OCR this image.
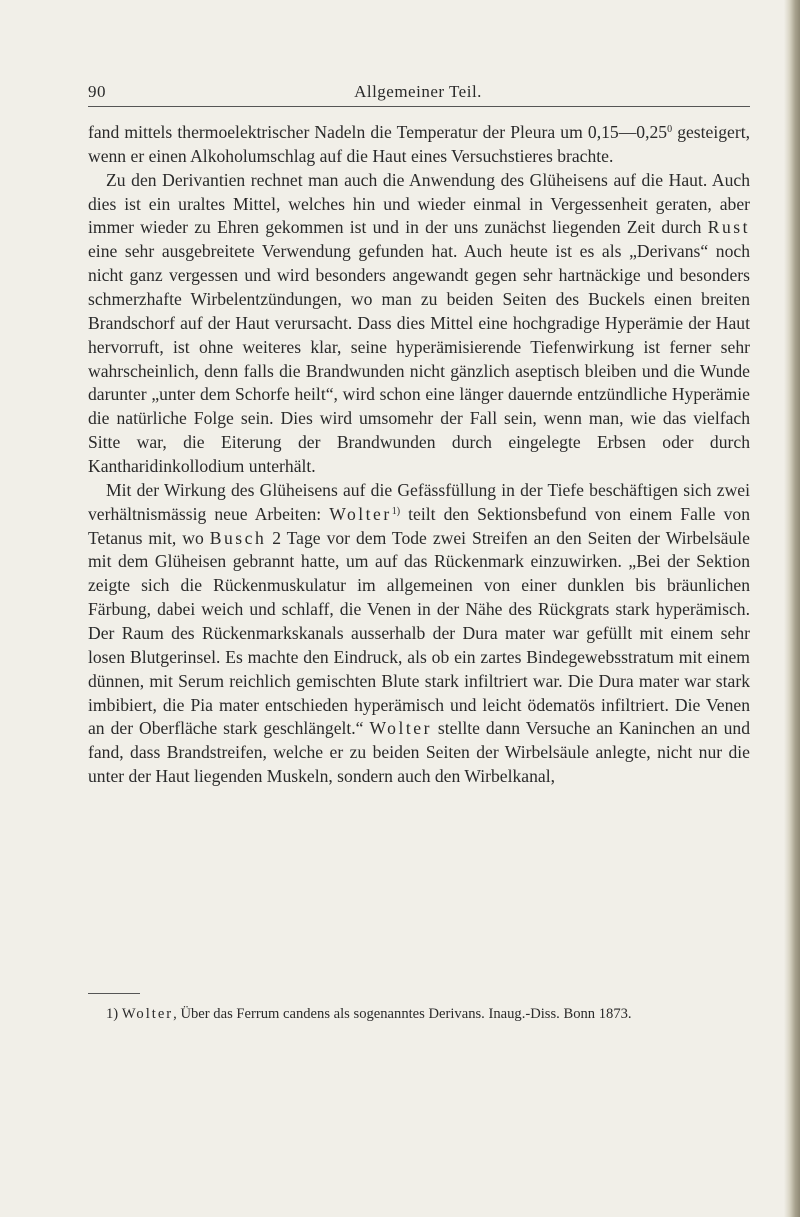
90	Allgemeiner Teil.

fand mittels thermoelektrischer Nadeln die Temperatur der Pleura um 0,15—0,25$^0$ gesteigert, wenn er einen Alkoholumschlag auf die Haut eines Versuchstieres brachte.

Zu den Derivantien rechnet man auch die Anwendung des Glüheisens auf die Haut. Auch dies ist ein uraltes Mittel, welches hin und wieder einmal in Vergessenheit geraten, aber immer wieder zu Ehren gekommen ist und in der uns zunächst liegenden Zeit durch Rust eine sehr ausgebreitete Verwendung gefunden hat. Auch heute ist es als „Derivans“ noch nicht ganz vergessen und wird besonders angewandt gegen sehr hartnäckige und besonders schmerzhafte Wirbelentzündungen, wo man zu beiden Seiten des Buckels einen breiten Brandschorf auf der Haut verursacht. Dass dies Mittel eine hochgradige Hyperämie der Haut hervorruft, ist ohne weiteres klar, seine hyperämisierende Tiefenwirkung ist ferner sehr wahrscheinlich, denn falls die Brandwunden nicht gänzlich aseptisch bleiben und die Wunde darunter „unter dem Schorfe heilt“, wird schon eine länger dauernde entzündliche Hyperämie die natürliche Folge sein. Dies wird umsomehr der Fall sein, wenn man, wie das vielfach Sitte war, die Eiterung der Brandwunden durch eingelegte Erbsen oder durch Kantharidinkollodium unterhält.

Mit der Wirkung des Glüheisens auf die Gefässfüllung in der Tiefe beschäftigen sich zwei verhältnismässig neue Arbeiten: Wolter$^{1)}$ teilt den Sektionsbefund von einem Falle von Tetanus mit, wo Busch 2 Tage vor dem Tode zwei Streifen an den Seiten der Wirbelsäule mit dem Glüheisen gebrannt hatte, um auf das Rückenmark einzuwirken. „Bei der Sektion zeigte sich die Rückenmuskulatur im allgemeinen von einer dunklen bis bräunlichen Färbung, dabei weich und schlaff, die Venen in der Nähe des Rückgrats stark hyperämisch. Der Raum des Rückenmarkskanals ausserhalb der Dura mater war gefüllt mit einem sehr losen Blutgerinsel. Es machte den Eindruck, als ob ein zartes Bindegewebsstratum mit einem dünnen, mit Serum reichlich gemischten Blute stark infiltriert war. Die Dura mater war stark imbibiert, die Pia mater entschieden hyperämisch und leicht ödematös infiltriert. Die Venen an der Oberfläche stark geschlängelt.“ Wolter stellte dann Versuche an Kaninchen an und fand, dass Brandstreifen, welche er zu beiden Seiten der Wirbelsäule anlegte, nicht nur die unter der Haut liegenden Muskeln, sondern auch den Wirbelkanal,

1) Wolter, Über das Ferrum candens als sogenanntes Derivans. Inaug.-Diss. Bonn 1873.
